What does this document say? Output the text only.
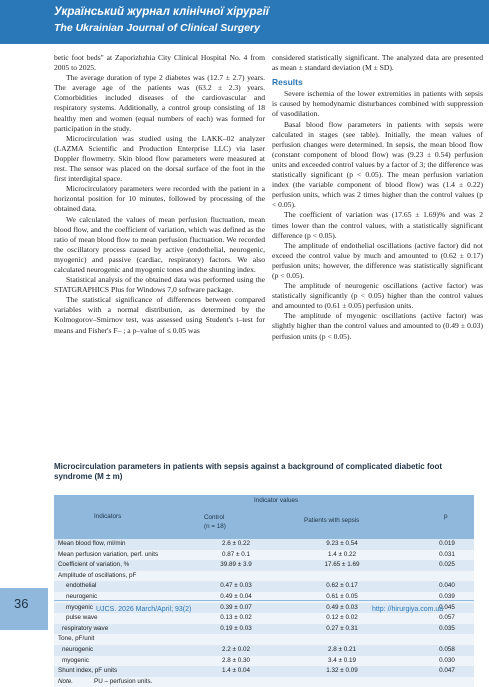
Український журнал клінічної хірургії
The Ukrainian Journal of Clinical Surgery

betic foot beds" at Zaporizhzhia City Clinical Hospital No. 4 from 2005 to 2025.

The average duration of type 2 diabetes was (12.7 ± 2.7) years. The average age of the patients was (63.2 ± 2.3) years. Comorbidities included diseases of the cardiovascular and respiratory systems. Additionally, a control group consisting of 18 healthy men and women (equal numbers of each) was formed for participation in the study.

Microcirculation was studied using the LAKK–02 analyzer (LAZMA Scientific and Production Enterprise LLC) via laser Doppler flowmetry. Skin blood flow parameters were measured at rest. The sensor was placed on the dorsal surface of the foot in the first interdigital space.

Microcirculatory parameters were recorded with the patient in a horizontal position for 10 minutes, followed by processing of the obtained data.

We calculated the values of mean perfusion fluctuation, mean blood flow, and the coefficient of variation, which was defined as the ratio of mean blood flow to mean perfusion fluctuation. We recorded the oscillatory process caused by active (endothelial, neurogenic, myogenic) and passive (cardiac, respiratory) factors. We also calculated neurogenic and myogenic tones and the shunting index.

Statistical analysis of the obtained data was performed using the STATGRAPHICS Plus for Windows 7,0 software package.

The statistical significance of differences between compared variables with a normal distribution, as determined by the Kolmogorov–Smirnov test, was assessed using Student's t–test for means and Fisher's F– ; a p–value of ≤ 0.05 was

considered statistically significant. The analyzed data are presented as mean ± standard deviation (M ± SD).

Results

Severe ischemia of the lower extremities in patients with sepsis is caused by hemodynamic disturbances combined with suppression of vasodilation.

Basal blood flow parameters in patients with sepsis were calculated in stages (see table). Initially, the mean values of perfusion changes were determined. In sepsis, the mean blood flow (constant component of blood flow) was (9.23 ± 0.54) perfusion units and exceeded control values by a factor of 3; the difference was statistically significant (p < 0.05). The mean perfusion variation index (the variable component of blood flow) was (1.4 ± 0.22) perfusion units, which was 2 times higher than the control values (p < 0.05).

The coefficient of variation was (17.65 ± 1.69)% and was 2 times lower than the control values, with a statistically significant difference (p < 0.05).

The amplitude of endothelial oscillations (active factor) did not exceed the control value by much and amounted to (0.62 ± 0.17) perfusion units; however, the difference was statistically significant (p < 0.05).

The amplitude of neurogenic oscillations (active factor) was statistically significantly (p < 0.05) higher than the control values and amounted to (0.61 ± 0.05) perfusion units.

The amplitude of myogenic oscillations (active factor) was slightly higher than the control values and amounted to (0.49 ± 0.03) perfusion units (p < 0.05).

Microcirculation parameters in patients with sepsis against a background of complicated diabetic foot syndrome (M ± m)
Indicators
Indicator values
Control
(n = 18)
Patients with sepsis
p
Mean blood flow, ml/min	2.6 ± 0.22	9.23 ± 0.54	0.019
Mean perfusion variation, perf. units	0.87 ± 0.1	1.4 ± 0.22	0.031
Coefficient of variation, %	39.89 ± 3.9	17.65 ± 1.69	0.025
Amplitude of oscillations, pF
endothelial	0.47 ± 0.03	0.62 ± 0.17	0.040
neurogenic	0.49 ± 0.04	0.61 ± 0.05	0.039
myogenic	0.39 ± 0.07	0.49 ± 0.03	0.045
pulse wave	0.13 ± 0.02	0.12 ± 0.02	0.057
respiratory wave	0.19 ± 0.03	0.27 ± 0.31	0.035
Tone, pF/unit
neurogenic	2.2 ± 0.02	2.8 ± 0.21	0.058
myogenic	2.8 ± 0.30	3.4 ± 0.19	0.030
Shunt index, pF units	1.4 ± 0.04	1.32 ± 0.09	0.047
Note.	PU – perfusion units.
36	UJCS. 2026 March/April; 93(2)	http: //hirurgiya.com.ua
